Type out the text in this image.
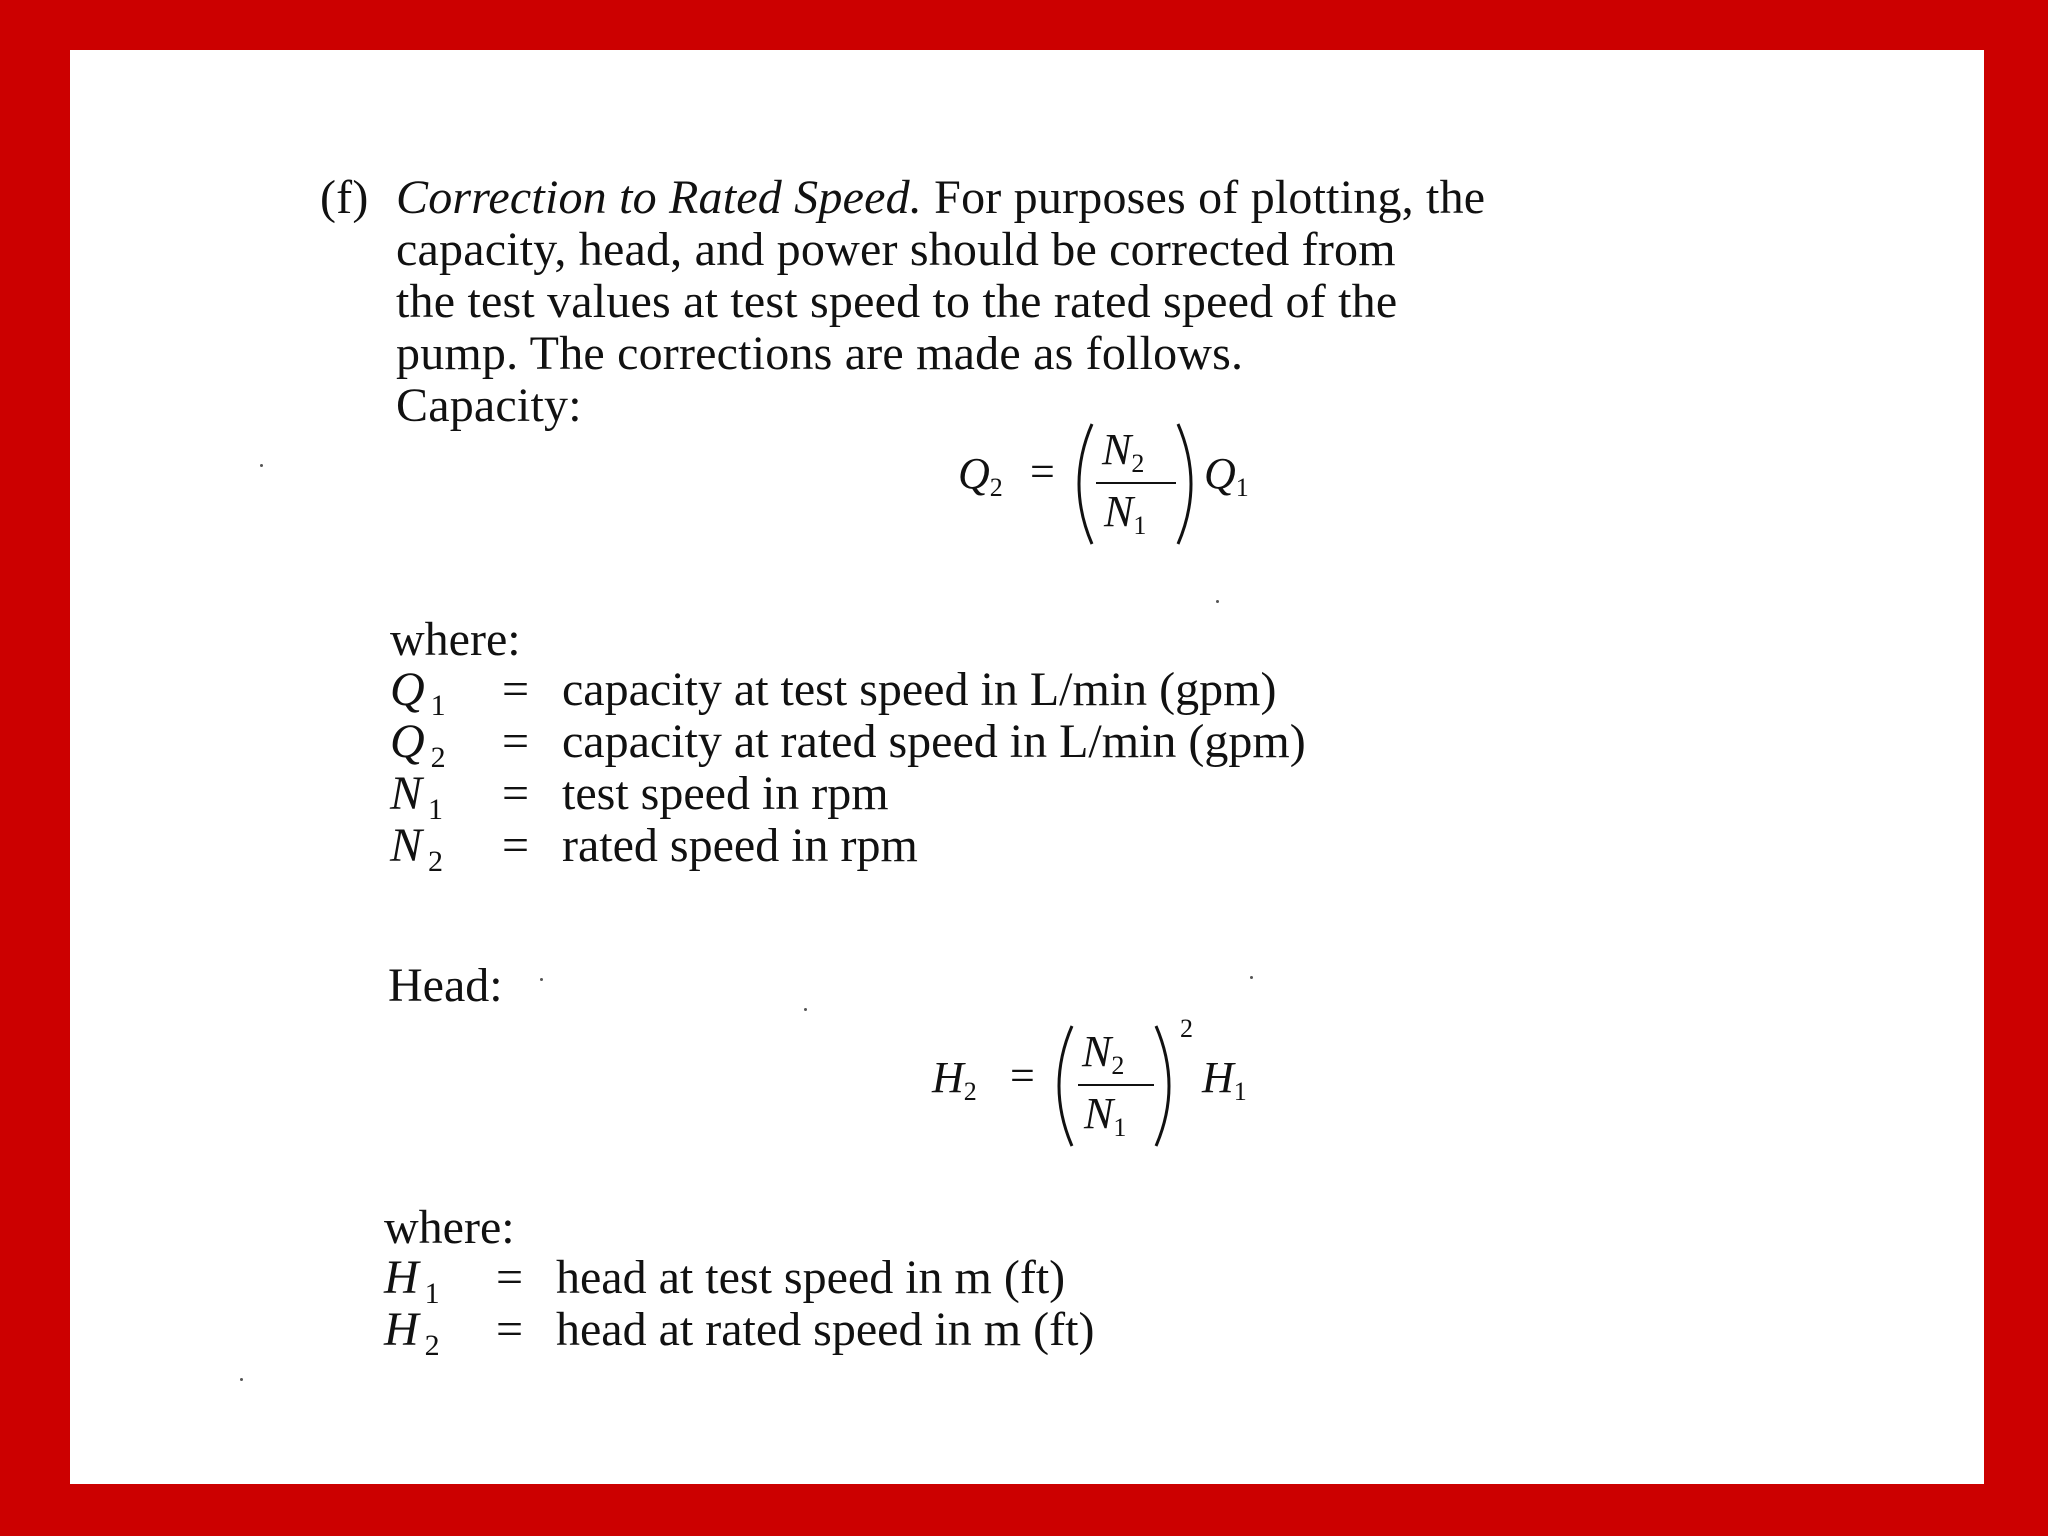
(f) Correction to Rated Speed. For purposes of plotting, the
capacity, head, and power should be corrected from
the test values at test speed to the rated speed of the
pump. The corrections are made as follows.
Capacity:
$Q_2 = N_2$
$N_1$
$Q_1$
where:
Q $_1$ = capacity at test speed in L/min (gpm)
Q $_2$ = capacity at rated speed in L/min (gpm)
N $_1$ = test speed in rpm
N $_2$ = rated speed in rpm
Head:
$H_2 = N_2$
$N_1$
2
$H_1$
where:
H $_1$ = head at test speed in m (ft)
H $_2$ = head at rated speed in m (ft)
